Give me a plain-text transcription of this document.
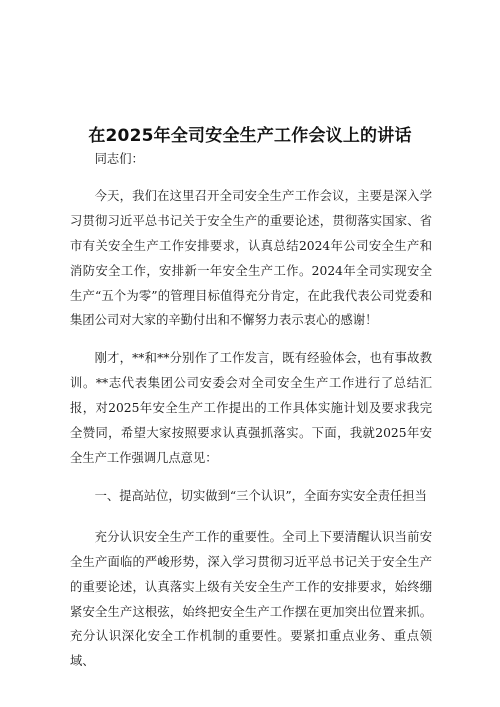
在2025年全司安全生产工作会议上的讲话

同志们：

今天，我们在这里召开全司安全生产工作会议，主要是深入学习贯彻习近平总书记关于安全生产的重要论述，贯彻落实国家、省市有关安全生产工作安排要求，认真总结2024年公司安全生产和消防安全工作，安排新一年安全生产工作。2024年全司实现安全生产“五个为零”的管理目标值得充分肯定，在此我代表公司党委和集团公司对大家的辛勤付出和不懈努力表示衷心的感谢！

刚才，**和**分别作了工作发言，既有经验体会，也有事故教训。**志代表集团公司安委会对全司安全生产工作进行了总结汇报，对2025年安全生产工作提出的工作具体实施计划及要求我完全赞同，希望大家按照要求认真强抓落实。下面，我就2025年安全生产工作强调几点意见：

一、提高站位，切实做到“三个认识”，全面夯实安全责任担当

充分认识安全生产工作的重要性。全司上下要清醒认识当前安全生产面临的严峻形势，深入学习贯彻习近平总书记关于安全生产的重要论述，认真落实上级有关安全生产工作的安排要求，始终绷紧安全生产这根弦，始终把安全生产工作摆在更加突出位置来抓。充分认识深化安全工作机制的重要性。要紧扣重点业务、重点领域、
